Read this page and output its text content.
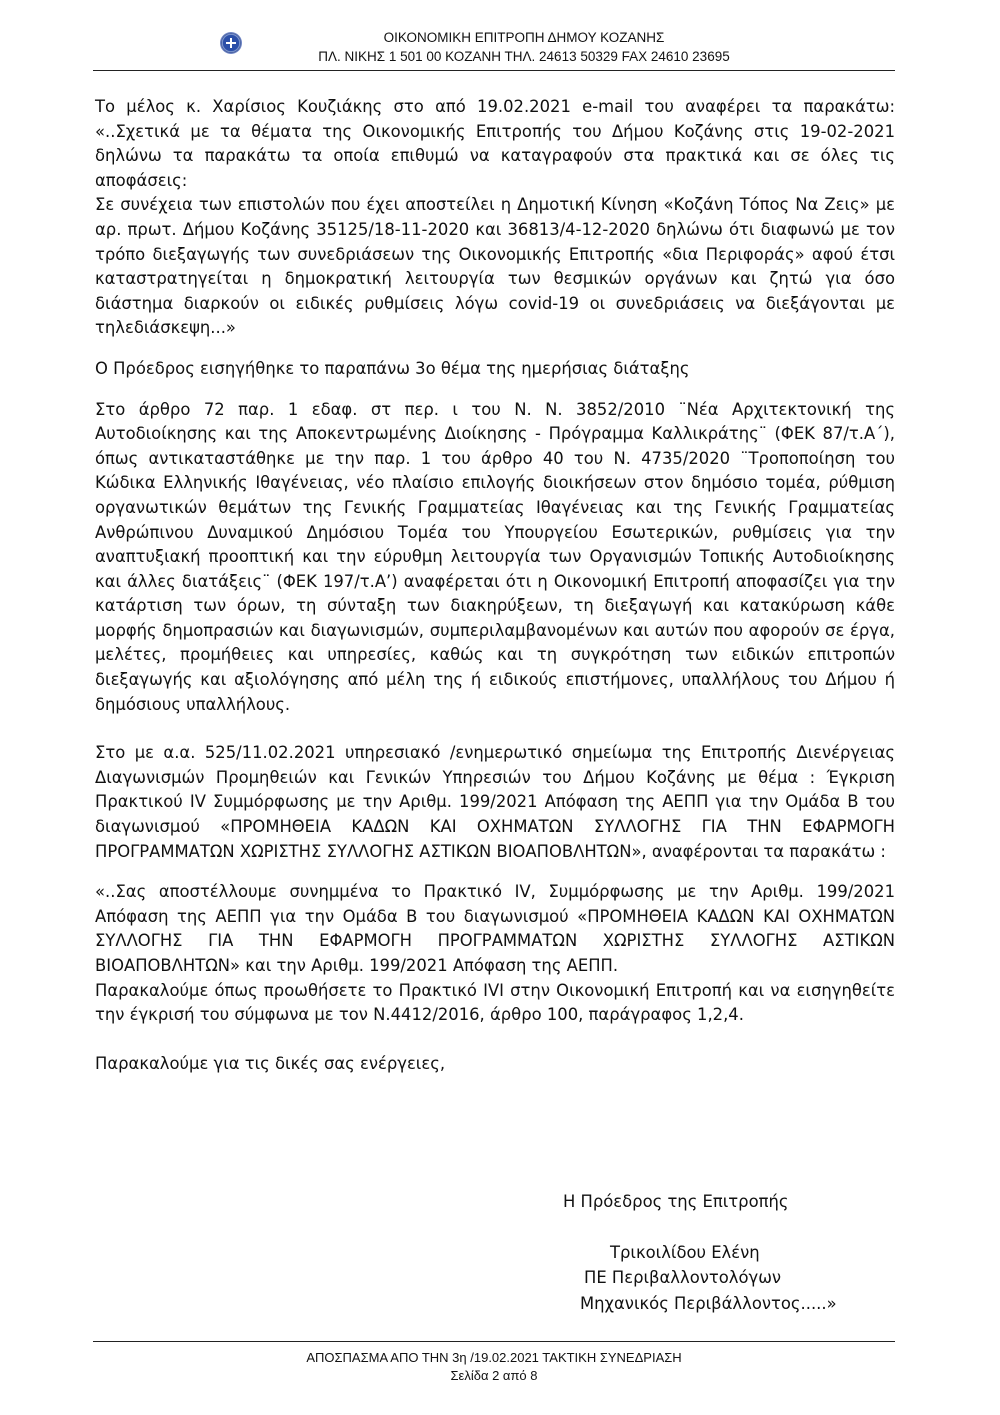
ΟΙΚΟΝΟΜΙΚΗ ΕΠΙΤΡΟΠΗ ΔΗΜΟΥ ΚΟΖΑΝΗΣ
ΠΛ. ΝΙΚΗΣ 1 501 00 ΚΟΖΑΝΗ ΤΗΛ. 24613 50329 FAX 24610 23695

Το μέλος κ. Χαρίσιος Κουζιάκης στο από 19.02.2021 e-mail του αναφέρει τα παρακάτω: «..Σχετικά με τα θέματα της Οικονομικής Επιτροπής του Δήμου Κοζάνης στις 19-02-2021 δηλώνω τα παρακάτω τα οποία επιθυμώ να καταγραφούν στα πρακτικά και σε όλες τις αποφάσεις:

Σε συνέχεια των επιστολών που έχει αποστείλει η Δημοτική Κίνηση «Κοζάνη Τόπος Να Ζεις» με αρ. πρωτ. Δήμου Κοζάνης 35125/18-11-2020 και 36813/4-12-2020 δηλώνω ότι διαφωνώ με τον τρόπο διεξαγωγής των συνεδριάσεων της Οικονομικής Επιτροπής «δια Περιφοράς» αφού έτσι καταστρατηγείται η δημοκρατική λειτουργία των θεσμικών οργάνων και ζητώ για όσο διάστημα διαρκούν οι ειδικές ρυθμίσεις λόγω covid-19 οι συνεδριάσεις να διεξάγονται με τηλεδιάσκεψη...»

Ο Πρόεδρος εισηγήθηκε το παραπάνω 3ο θέμα της ημερήσιας διάταξης

Στο άρθρο 72 παρ. 1 εδαφ. στ περ. ι του Ν. Ν. 3852/2010 ¨Νέα Αρχιτεκτονική της Αυτοδιοίκησης και της Αποκεντρωμένης Διοίκησης - Πρόγραμμα Καλλικράτης¨ (ΦΕΚ 87/τ.Α΄), όπως αντικαταστάθηκε με την παρ. 1 του άρθρο 40 του Ν. 4735/2020 ¨Τροποποίηση του Κώδικα Ελληνικής Ιθαγένειας, νέο πλαίσιο επιλογής διοικήσεων στον δημόσιο τομέα, ρύθμιση οργανωτικών θεμάτων της Γενικής Γραμματείας Ιθαγένειας και της Γενικής Γραμματείας Ανθρώπινου Δυναμικού Δημόσιου Τομέα του Υπουργείου Εσωτερικών, ρυθμίσεις για την αναπτυξιακή προοπτική και την εύρυθμη λειτουργία των Οργανισμών Τοπικής Αυτοδιοίκησης και άλλες διατάξεις¨ (ΦΕΚ 197/τ.Α’) αναφέρεται ότι η Οικονομική Επιτροπή αποφασίζει για την κατάρτιση των όρων, τη σύνταξη των διακηρύξεων, τη διεξαγωγή και κατακύρωση κάθε μορφής δημοπρασιών και διαγωνισμών, συμπεριλαμβανομένων και αυτών που αφορούν σε έργα, μελέτες, προμήθειες και υπηρεσίες, καθώς και τη συγκρότηση των ειδικών επιτροπών διεξαγωγής και αξιολόγησης από μέλη της ή ειδικούς επιστήμονες, υπαλλήλους του Δήμου ή δημόσιους υπαλλήλους.

Στο με α.α. 525/11.02.2021 υπηρεσιακό /ενημερωτικό σημείωμα της Επιτροπής Διενέργειας Διαγωνισμών Προμηθειών και Γενικών Υπηρεσιών του Δήμου Κοζάνης με θέμα : Έγκριση Πρακτικού IV Συμμόρφωσης με την Αριθμ. 199/2021 Απόφαση της ΑΕΠΠ για την Ομάδα Β του διαγωνισμού «ΠΡΟΜΗΘΕΙΑ ΚΑΔΩΝ ΚΑΙ ΟΧΗΜΑΤΩΝ ΣΥΛΛΟΓΗΣ ΓΙΑ ΤΗΝ ΕΦΑΡΜΟΓΗ ΠΡΟΓΡΑΜΜΑΤΩΝ ΧΩΡΙΣΤΗΣ ΣΥΛΛΟΓΗΣ ΑΣΤΙΚΩΝ ΒΙΟΑΠΟΒΛΗΤΩΝ», αναφέρονται τα παρακάτω :

«..Σας αποστέλλουμε συνημμένα το Πρακτικό IV, Συμμόρφωσης με την Αριθμ. 199/2021 Απόφαση της ΑΕΠΠ για την Ομάδα Β του διαγωνισμού «ΠΡΟΜΗΘΕΙΑ ΚΑΔΩΝ ΚΑΙ ΟΧΗΜΑΤΩΝ ΣΥΛΛΟΓΗΣ ΓΙΑ ΤΗΝ ΕΦΑΡΜΟΓΗ ΠΡΟΓΡΑΜΜΑΤΩΝ ΧΩΡΙΣΤΗΣ ΣΥΛΛΟΓΗΣ ΑΣΤΙΚΩΝ ΒΙΟΑΠΟΒΛΗΤΩΝ» και την Αριθμ. 199/2021 Απόφαση της ΑΕΠΠ.

Παρακαλούμε όπως προωθήσετε το Πρακτικό IVI στην Οικονομική Επιτροπή και να εισηγηθείτε την έγκρισή του σύμφωνα με τον Ν.4412/2016, άρθρο 100, παράγραφος 1,2,4.

Παρακαλούμε για τις δικές σας ενέργειες,

Η Πρόεδρος της Επιτροπής
Τρικοιλίδου Ελένη
ΠΕ Περιβαλλοντολόγων
Μηχανικός Περιβάλλοντος.....»
ΑΠΟΣΠΑΣΜΑ ΑΠΟ ΤΗΝ 3η /19.02.2021 ΤΑΚΤΙΚΗ ΣΥΝΕΔΡΙΑΣΗ
Σελίδα 2 από 8
